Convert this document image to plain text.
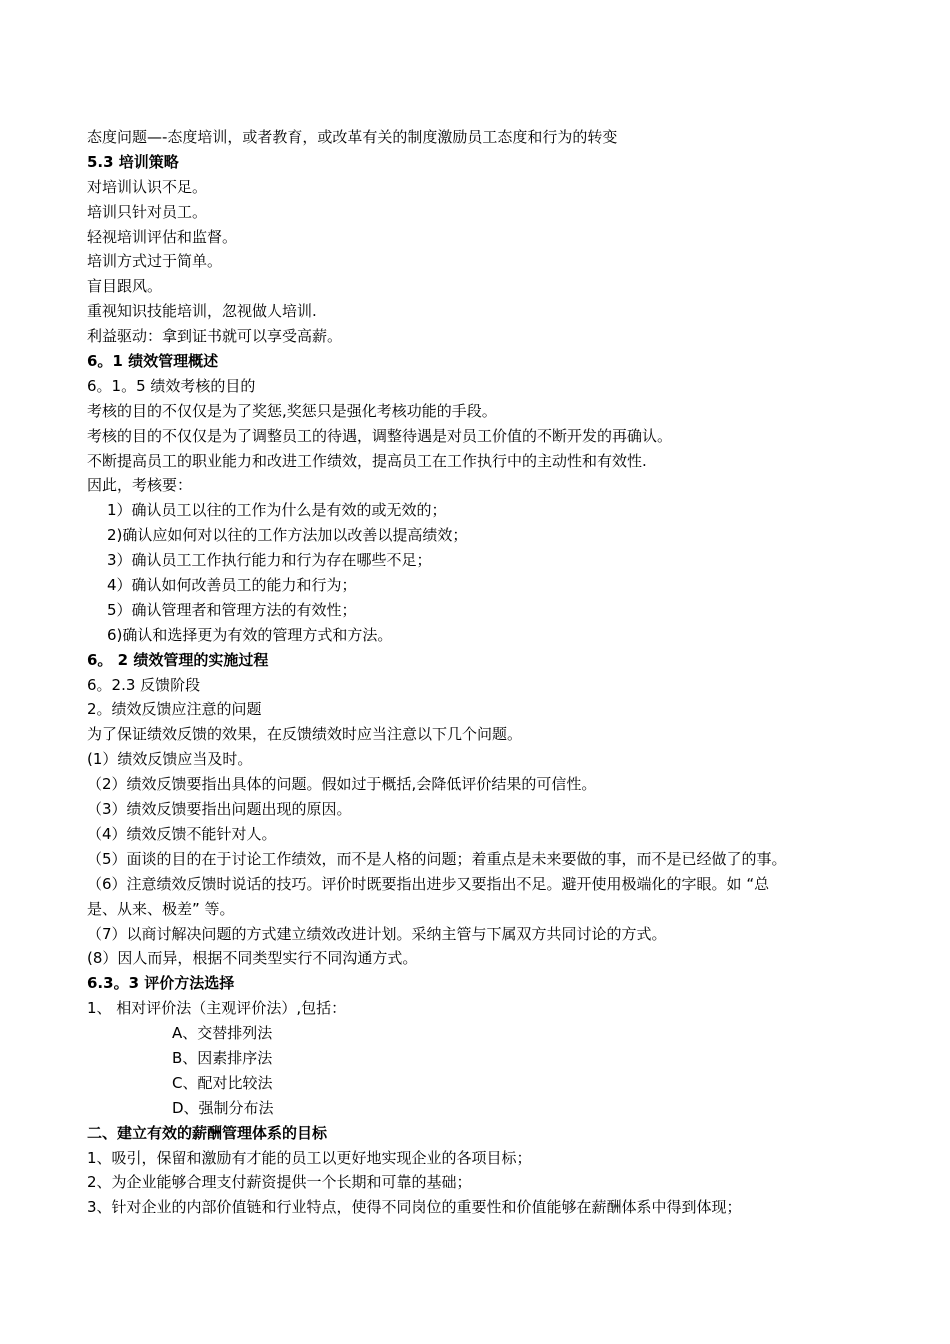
态度问题—-态度培训，或者教育，或改革有关的制度激励员工态度和行为的转变
5.3 培训策略
对培训认识不足。
培训只针对员工。
轻视培训评估和监督。
培训方式过于简单。
盲目跟风。
重视知识技能培训，忽视做人培训.
利益驱动：拿到证书就可以享受高薪。
6。1 绩效管理概述
6。1。5 绩效考核的目的
考核的目的不仅仅是为了奖惩,奖惩只是强化考核功能的手段。
考核的目的不仅仅是为了调整员工的待遇，调整待遇是对员工价值的不断开发的再确认。
不断提高员工的职业能力和改进工作绩效，提高员工在工作执行中的主动性和有效性.
因此，考核要：
1）确认员工以往的工作为什么是有效的或无效的；
2)确认应如何对以往的工作方法加以改善以提高绩效；
3）确认员工工作执行能力和行为存在哪些不足；
4）确认如何改善员工的能力和行为；
5）确认管理者和管理方法的有效性；
6)确认和选择更为有效的管理方式和方法。
6。 2 绩效管理的实施过程
6。2.3 反馈阶段
2。绩效反馈应注意的问题
为了保证绩效反馈的效果，在反馈绩效时应当注意以下几个问题。
(1）绩效反馈应当及时。
（2）绩效反馈要指出具体的问题。假如过于概括,会降低评价结果的可信性。
（3）绩效反馈要指出问题出现的原因。
（4）绩效反馈不能针对人。
（5）面谈的目的在于讨论工作绩效，而不是人格的问题；着重点是未来要做的事，而不是已经做了的事。
（6）注意绩效反馈时说话的技巧。评价时既要指出进步又要指出不足。避开使用极端化的字眼。如 “总
是、从来、极差” 等。
（7）以商讨解决问题的方式建立绩效改进计划。采纳主管与下属双方共同讨论的方式。
(8）因人而异，根据不同类型实行不同沟通方式。
6.3。3 评价方法选择
1、 相对评价法（主观评价法）,包括：
A、交替排列法
B、因素排序法
C、配对比较法
D、强制分布法
二、建立有效的薪酬管理体系的目标
1、吸引，保留和激励有才能的员工以更好地实现企业的各项目标；
2、为企业能够合理支付薪资提供一个长期和可靠的基础；
3、针对企业的内部价值链和行业特点，使得不同岗位的重要性和价值能够在薪酬体系中得到体现；
